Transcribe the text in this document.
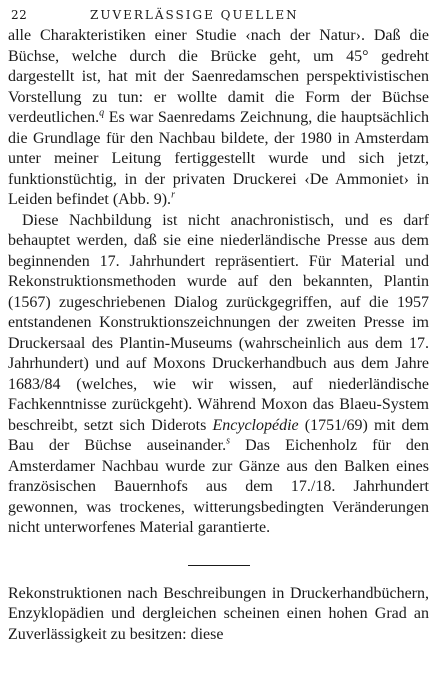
22	ZUVERLÄSSIGE QUELLEN

alle Charakteristiken einer Studie ‹nach der Natur›. Daß die Büchse, welche durch die Brücke geht, um 45° gedreht dargestellt ist, hat mit der Saenredamschen perspektivistischen Vorstellung zu tun: er wollte damit die Form der Büchse verdeutlichen.$^q$ Es war Saenredams Zeichnung, die hauptsächlich die Grundlage für den Nachbau bildete, der 1980 in Amsterdam unter meiner Leitung fertiggestellt wurde und sich jetzt, funktionstüchtig, in der privaten Druckerei ‹De Ammoniet› in Leiden befindet (Abb. 9).$^r$

Diese Nachbildung ist nicht anachronistisch, und es darf behauptet werden, daß sie eine niederländische Presse aus dem beginnenden 17. Jahrhundert repräsentiert. Für Material und Rekonstruktionsmethoden wurde auf den bekannten, Plantin (1567) zugeschriebenen Dialog zurückgegriffen, auf die 1957 entstandenen Konstruktionszeichnungen der zweiten Presse im Druckersaal des Plantin-Museums (wahrscheinlich aus dem 17. Jahrhundert) und auf Moxons Druckerhandbuch aus dem Jahre 1683/84 (welches, wie wir wissen, auf niederländische Fachkenntnisse zurückgeht). Während Moxon das Blaeu-System beschreibt, setzt sich Diderots Encyclopédie (1751/69) mit dem Bau der Büchse auseinander.$^s$ Das Eichenholz für den Amsterdamer Nachbau wurde zur Gänze aus den Balken eines französischen Bauernhofs aus dem 17./18. Jahrhundert gewonnen, was trockenes, witterungsbedingten Veränderungen nicht unterworfenes Material garantierte.

Rekonstruktionen nach Beschreibungen in Druckerhandbüchern, Enzyklopädien und dergleichen scheinen einen hohen Grad an Zuverlässigkeit zu besitzen: diese
